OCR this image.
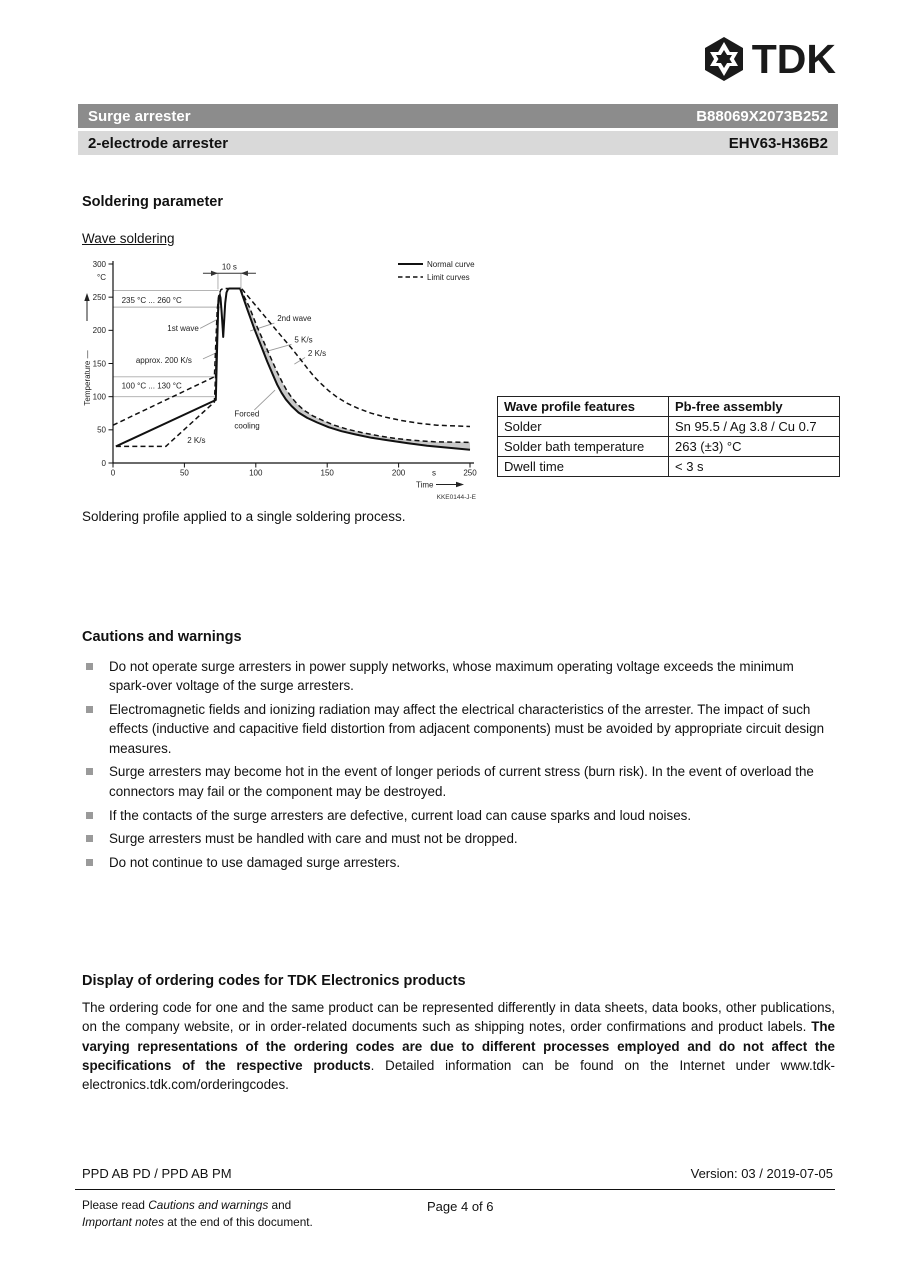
TDK
Surge arrester	B88069X2073B252
2-electrode arrester	EHV63-H36B2
Soldering parameter
Wave soldering
0
50
100
150
200
250
300
0	50	100	150	200	250
°C
s
Temperature —
Time
KKE0144-J-E
Normal curve
Limit curves
235 °C ... 260 °C
100 °C ... 130 °C
1st wave
2nd wave
approx. 200 K/s
5 K/s
2 K/s
2 K/s
Forced
cooling
10 s
Wave profile features	Pb-free assembly
Solder	Sn 95.5 / Ag 3.8 / Cu 0.7
Solder bath temperature	263 (±3) °C
Dwell time	< 3 s
Soldering profile applied to a single soldering process.
Cautions and warnings
Do not operate surge arresters in power supply networks, whose maximum operating voltage exceeds the minimum spark-over voltage of the surge arresters.
Electromagnetic fields and ionizing radiation may affect the electrical characteristics of the arrester. The impact of such effects (inductive and capacitive field distortion from adjacent components) must be avoided by appropriate circuit design measures.
Surge arresters may become hot in the event of longer periods of current stress (burn risk). In the event of overload the connectors may fail or the component may be destroyed.
If the contacts of the surge arresters are defective, current load can cause sparks and loud noises.
Surge arresters must be handled with care and must not be dropped.
Do not continue to use damaged surge arresters.
Display of ordering codes for TDK Electronics products

The ordering code for one and the same product can be represented differently in data sheets, data books, other publications, on the company website, or in order-related documents such as shipping notes, order confirmations and product labels. The varying representations of the ordering codes are due to different processes employed and do not affect the specifications of the respective products. Detailed information can be found on the Internet under www.tdk-electronics.tdk.com/orderingcodes.

PPD AB PD / PPD AB PM	Version: 03 / 2019-07-05
Please read Cautions and warnings and
Important notes at the end of this document.
Page 4 of 6
